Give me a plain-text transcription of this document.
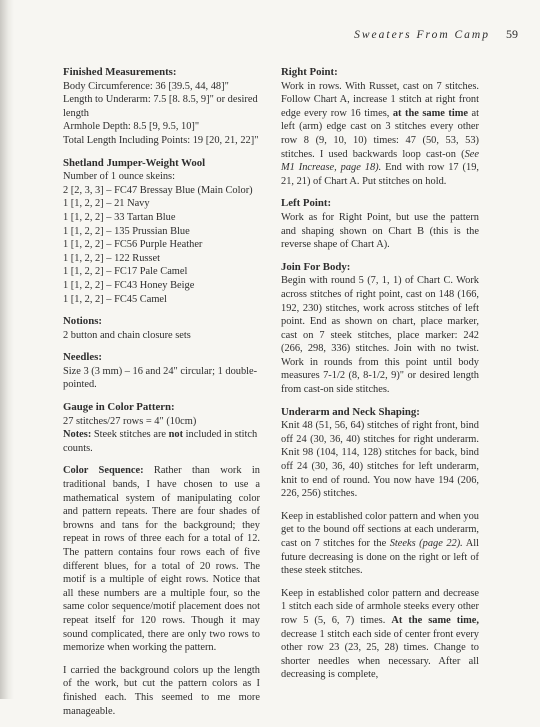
Sweaters From Camp 59

Finished Measurements:

Body Circumference: 36 [39.5, 44, 48]"

Length to Underarm: 7.5 [8. 8.5, 9]" or desired

length

Armhole Depth: 8.5 [9, 9.5, 10]"

Total Length Including Points: 19 [20, 21, 22]"

Shetland Jumper-Weight Wool

Number of 1 ounce skeins:

2 [2, 3, 3] – FC47 Bressay Blue (Main Color)

1 [1, 2, 2] – 21 Navy

1 [1, 2, 2] – 33 Tartan Blue

1 [1, 2, 2] – 135 Prussian Blue

1 [1, 2, 2] – FC56 Purple Heather

1 [1, 2, 2] – 122 Russet

1 [1, 2, 2] – FC17 Pale Camel

1 [1, 2, 2] – FC43 Honey Beige

1 [1, 2, 2] – FC45 Camel

Notions:

2 button and chain closure sets

Needles:

Size 3 (3 mm) – 16 and 24" circular; 1 double-

pointed.

Gauge in Color Pattern:

27 stitches/27 rows = 4" (10cm)

Notes: Steek stitches are not included in stitch

counts.

Color Sequence: Rather than work in traditional bands, I have chosen to use a mathematical system of manipulating color and pattern repeats. There are four shades of browns and tans for the background; they repeat in rows of three each for a total of 12. The pattern contains four rows each of five different blues, for a total of 20 rows. The motif is a multiple of eight rows. Notice that all these numbers are a multiple four, so the same color sequence/motif placement does not repeat itself for 120 rows. Though it may sound complicated, there are only two rows to memorize when working the pattern.

I carried the background colors up the length of the work, but cut the pattern colors as I finished each. This seemed to me more manageable.

Right Point:

Work in rows. With Russet, cast on 7 stitches. Follow Chart A, increase 1 stitch at right front edge every row 16 times, at the same time at left (arm) edge cast on 3 stitches every other row 8 (9, 10, 10) times: 47 (50, 53, 53) stitches. I used backwards loop cast-on (See M1 Increase, page 18). End with row 17 (19, 21, 21) of Chart A. Put stitches on hold.

Left Point:

Work as for Right Point, but use the pattern and shaping shown on Chart B (this is the reverse shape of Chart A).

Join For Body:

Begin with round 5 (7, 1, 1) of Chart C. Work across stitches of right point, cast on 148 (166, 192, 230) stitches, work across stitches of left point. End as shown on chart, place marker, cast on 7 steek stitches, place marker: 242 (266, 298, 336) stitches. Join with no twist. Work in rounds from this point until body measures 7-1/2 (8, 8-1/2, 9)" or desired length from cast-on side stitches.

Underarm and Neck Shaping:

Knit 48 (51, 56, 64) stitches of right front, bind off 24 (30, 36, 40) stitches for right underarm. Knit 98 (104, 114, 128) stitches for back, bind off 24 (30, 36, 40) stitches for left underarm, knit to end of round. You now have 194 (206, 226, 256) stitches.

Keep in established color pattern and when you get to the bound off sections at each underarm, cast on 7 stitches for the Steeks (page 22). All future decreasing is done on the right or left of these steek stitches.

Keep in established color pattern and decrease 1 stitch each side of armhole steeks every other row 5 (5, 6, 7) times. At the same time, decrease 1 stitch each side of center front every other row 23 (23, 25, 28) times. Change to shorter needles when necessary. After all decreasing is complete,
